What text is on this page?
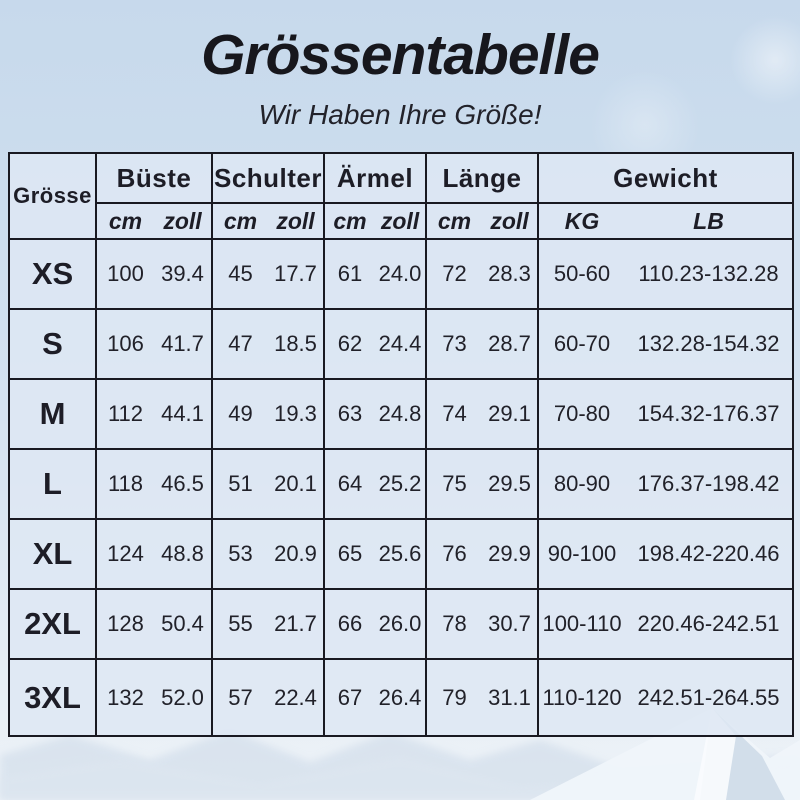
Grössentabelle
Wir Haben Ihre Größe!
Grösse	Büste	Schulter	Ärmel	Länge	Gewicht

	cm zoll	cm zoll	cm zoll	cm zoll	KG LB

XS	100 39.4	45 17.7	61 24.0	72 28.3	50-60 110.23-132.28

S	106 41.7	47 18.5	62 24.4	73 28.7	60-70 132.28-154.32

M	112 44.1	49 19.3	63 24.8	74 29.1	70-80 154.32-176.37

L	118 46.5	51 20.1	64 25.2	75 29.5	80-90 176.37-198.42

XL	124 48.8	53 20.9	65 25.6	76 29.9	90-100 198.42-220.46

2XL	128 50.4	55 21.7	66 26.0	78 30.7	100-110 220.46-242.51

3XL	132 52.0	57 22.4	67 26.4	79 31.1	110-120 242.51-264.55
